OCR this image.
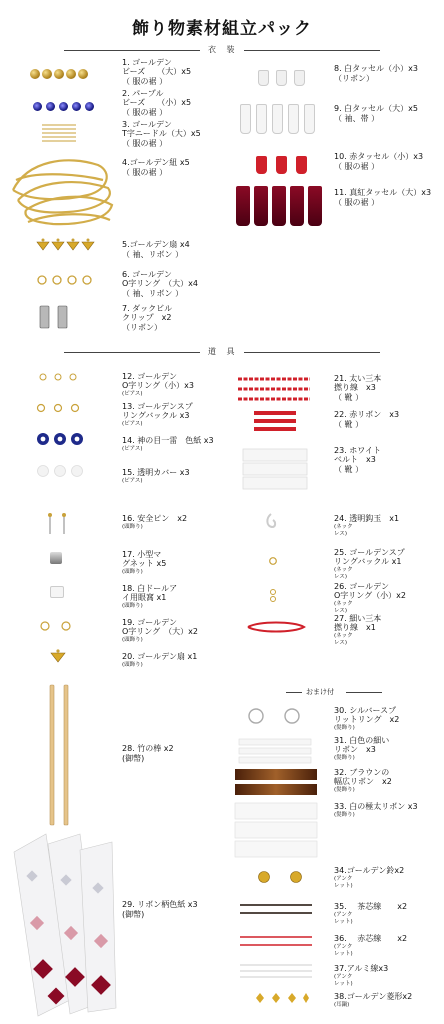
飾り物素材組立パック
衣 装
道 具
おまけ付
1. ゴールデン
ビーズ　　（大）x5
（ 服の裾 ）
2. パープル
ビーズ　　（小）x5
（ 服の裾 ）
3. ゴールデン
T字ニードル（大）x5
（ 服の裾 ）
4.ゴールデン紐 x5
（ 服の裾 ）
5.ゴールデン扇 x4
（ 袖、リボン ）
6. ゴールデン
O字リング　（大）x4
（ 袖、リボン ）
7. ダックビル
クリップ　x2
（リボン）
8. 白タッセル（小）x3
（リボン）
9. 白タッセル（大）x5
（ 袖、帯 ）
10. 赤タッセル（小）x3
（ 服の裾 ）
11. 真紅タッセル（大）x3
（ 服の裾 ）
12. ゴールデン
O字リング（小）x3
(ピアス)
13. ゴールデンスプ
リングバックル x3
(ピアス)
14. 神の目一雷　色紙 x3
(ピアス)
15. 透明カバー x3
(ピアス)
16. 安全ピン　x2
(頭飾り)
17. 小型マ
グネット x5
(頭飾り)
18. 白ドールア
イ用眼窩 x1
(頭飾り)
19. ゴールデン
O字リング　（大）x2
(頭飾り)
20. ゴールデン扇 x1
(頭飾り)
21. 太い三本
撚り線　x3
（ 靴 ）
22. 赤リボン　x3
（ 靴 ）
23. ホワイト
ベルト　x3
（ 靴 ）
24. 透明鈎玉　x1
(ネック
レス)
25. ゴールデンスプ
リングバックル x1
(ネック
レス)
26. ゴールデン
O字リング（小）x2
(ネック
レス)
27. 細い三本
撚り線　x1
(ネック
レス)
28. 竹の棒 x2
(御幣)
29. リボン柄色紙 x3
(御幣)
30. シルバースプ
リットリング　x2
(髪飾り)
31. 白色の細い
リボン　x3
(髪飾り)
32. ブラウンの
幅広リボン　x2
(髪飾り)
33. 白の極太リボン x3
(髪飾り)
34.ゴールデン鈴x2
(アンク
レット)
35. 　茶芯線　　x2
(アンク
レット)
36. 　赤芯線　　x2
(アンク
レット)
37.アルミ線x3
(アンク
レット)
38.ゴールデン菱形x2
(耳鍋)
